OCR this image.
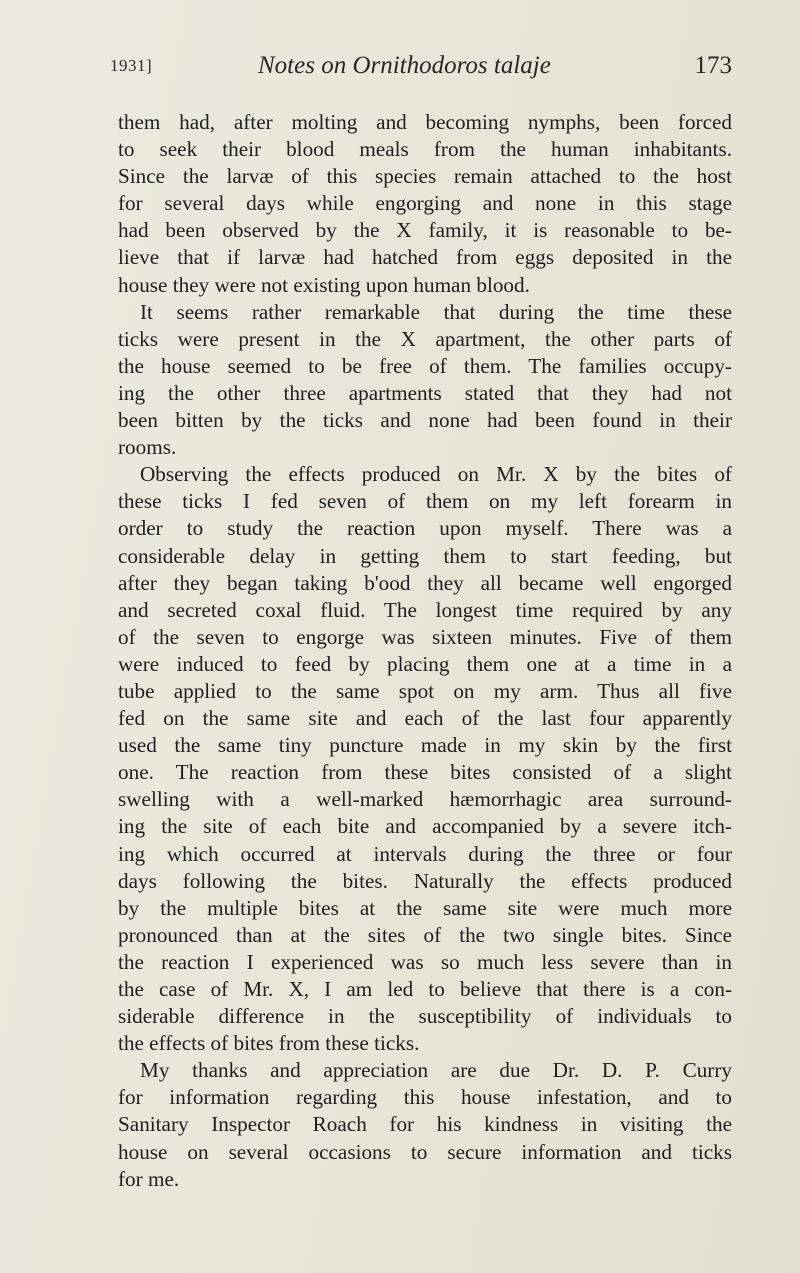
1931]	Notes on Ornithodoros talaje	173
them had, after molting and becoming nymphs, been forced
to seek their blood meals from the human inhabitants.
Since the larvæ of this species remain attached to the host
for several days while engorging and none in this stage
had been observed by the X family, it is reasonable to be-
lieve that if larvæ had hatched from eggs deposited in the
house they were not existing upon human blood.
It seems rather remarkable that during the time these
ticks were present in the X apartment, the other parts of
the house seemed to be free of them. The families occupy-
ing the other three apartments stated that they had not
been bitten by the ticks and none had been found in their
rooms.
Observing the effects produced on Mr. X by the bites of
these ticks I fed seven of them on my left forearm in
order to study the reaction upon myself. There was a
considerable delay in getting them to start feeding, but
after they began taking b'ood they all became well engorged
and secreted coxal fluid. The longest time required by any
of the seven to engorge was sixteen minutes. Five of them
were induced to feed by placing them one at a time in a
tube applied to the same spot on my arm. Thus all five
fed on the same site and each of the last four apparently
used the same tiny puncture made in my skin by the first
one. The reaction from these bites consisted of a slight
swelling with a well-marked hæmorrhagic area surround-
ing the site of each bite and accompanied by a severe itch-
ing which occurred at intervals during the three or four
days following the bites. Naturally the effects produced
by the multiple bites at the same site were much more
pronounced than at the sites of the two single bites. Since
the reaction I experienced was so much less severe than in
the case of Mr. X, I am led to believe that there is a con-
siderable difference in the susceptibility of individuals to
the effects of bites from these ticks.
My thanks and appreciation are due Dr. D. P. Curry
for information regarding this house infestation, and to
Sanitary Inspector Roach for his kindness in visiting the
house on several occasions to secure information and ticks
for me.
